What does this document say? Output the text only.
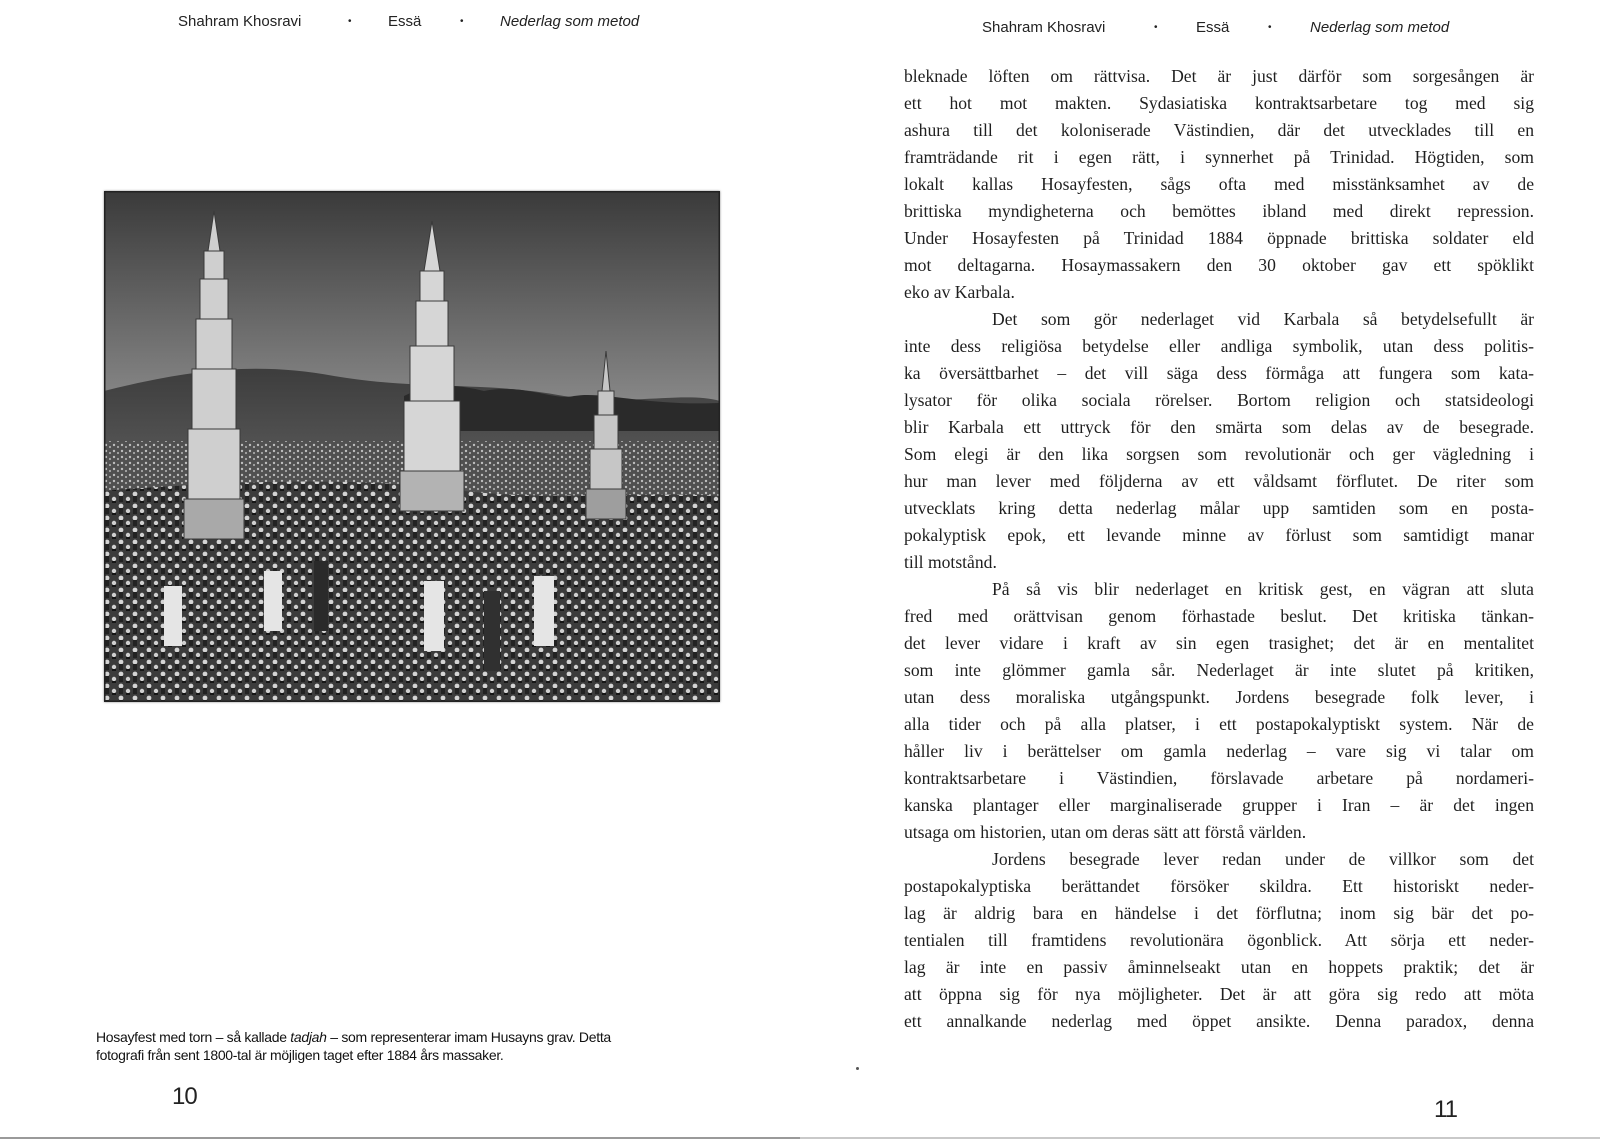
Shahram Khosravi	• Essä	• Nederlag som metod
Hosayfest med torn – så kallade tadjah – som representerar imam Husayns grav. Detta
fotografi från sent 1800-tal är möjligen taget efter 1884 års massaker.
10
Shahram Khosravi	•	Essä	•	Nederlag som metod
11
bleknade löften om rättvisa. Det är just därför som sorgesången är
ett hot mot makten. Sydasiatiska kontraktsarbetare tog med sig
ashura till det koloniserade Västindien, där det utvecklades till en
framträdande rit i egen rätt, i synnerhet på Trinidad. Högtiden, som
lokalt kallas Hosayfesten, sågs ofta med misstänksamhet av de
brittiska myndigheterna och bemöttes ibland med direkt repression.
Under Hosayfesten på Trinidad 1884 öppnade brittiska soldater eld
mot deltagarna. Hosaymassakern den 30 oktober gav ett spöklikt
eko av Karbala.
Det som gör nederlaget vid Karbala så betydelsefullt är
inte dess religiösa betydelse eller andliga symbolik, utan dess politis-
ka översättbarhet – det vill säga dess förmåga att fungera som kata-
lysator för olika sociala rörelser. Bortom religion och statsideologi
blir Karbala ett uttryck för den smärta som delas av de besegrade.
Som elegi är den lika sorgsen som revolutionär och ger vägledning i
hur man lever med följderna av ett våldsamt förflutet. De riter som
utvecklats kring detta nederlag målar upp samtiden som en posta-
pokalyptisk epok, ett levande minne av förlust som samtidigt manar
till motstånd.
På så vis blir nederlaget en kritisk gest, en vägran att sluta
fred med orättvisan genom förhastade beslut. Det kritiska tänkan-
det lever vidare i kraft av sin egen trasighet; det är en mentalitet
som inte glömmer gamla sår. Nederlaget är inte slutet på kritiken,
utan dess moraliska utgångspunkt. Jordens besegrade folk lever, i
alla tider och på alla platser, i ett postapokalyptiskt system. När de
håller liv i berättelser om gamla nederlag – vare sig vi talar om
kontraktsarbetare i Västindien, förslavade arbetare på nordameri-
kanska plantager eller marginaliserade grupper i Iran – är det ingen
utsaga om historien, utan om deras sätt att förstå världen.
Jordens besegrade lever redan under de villkor som det
postapokalyptiska berättandet försöker skildra. Ett historiskt neder-
lag är aldrig bara en händelse i det förflutna; inom sig bär det po-
tentialen till framtidens revolutionära ögonblick. Att sörja ett neder-
lag är inte en passiv åminnelseakt utan en hoppets praktik; det är
att öppna sig för nya möjligheter. Det är att göra sig redo att möta
ett annalkande nederlag med öppet ansikte. Denna paradox, denna
